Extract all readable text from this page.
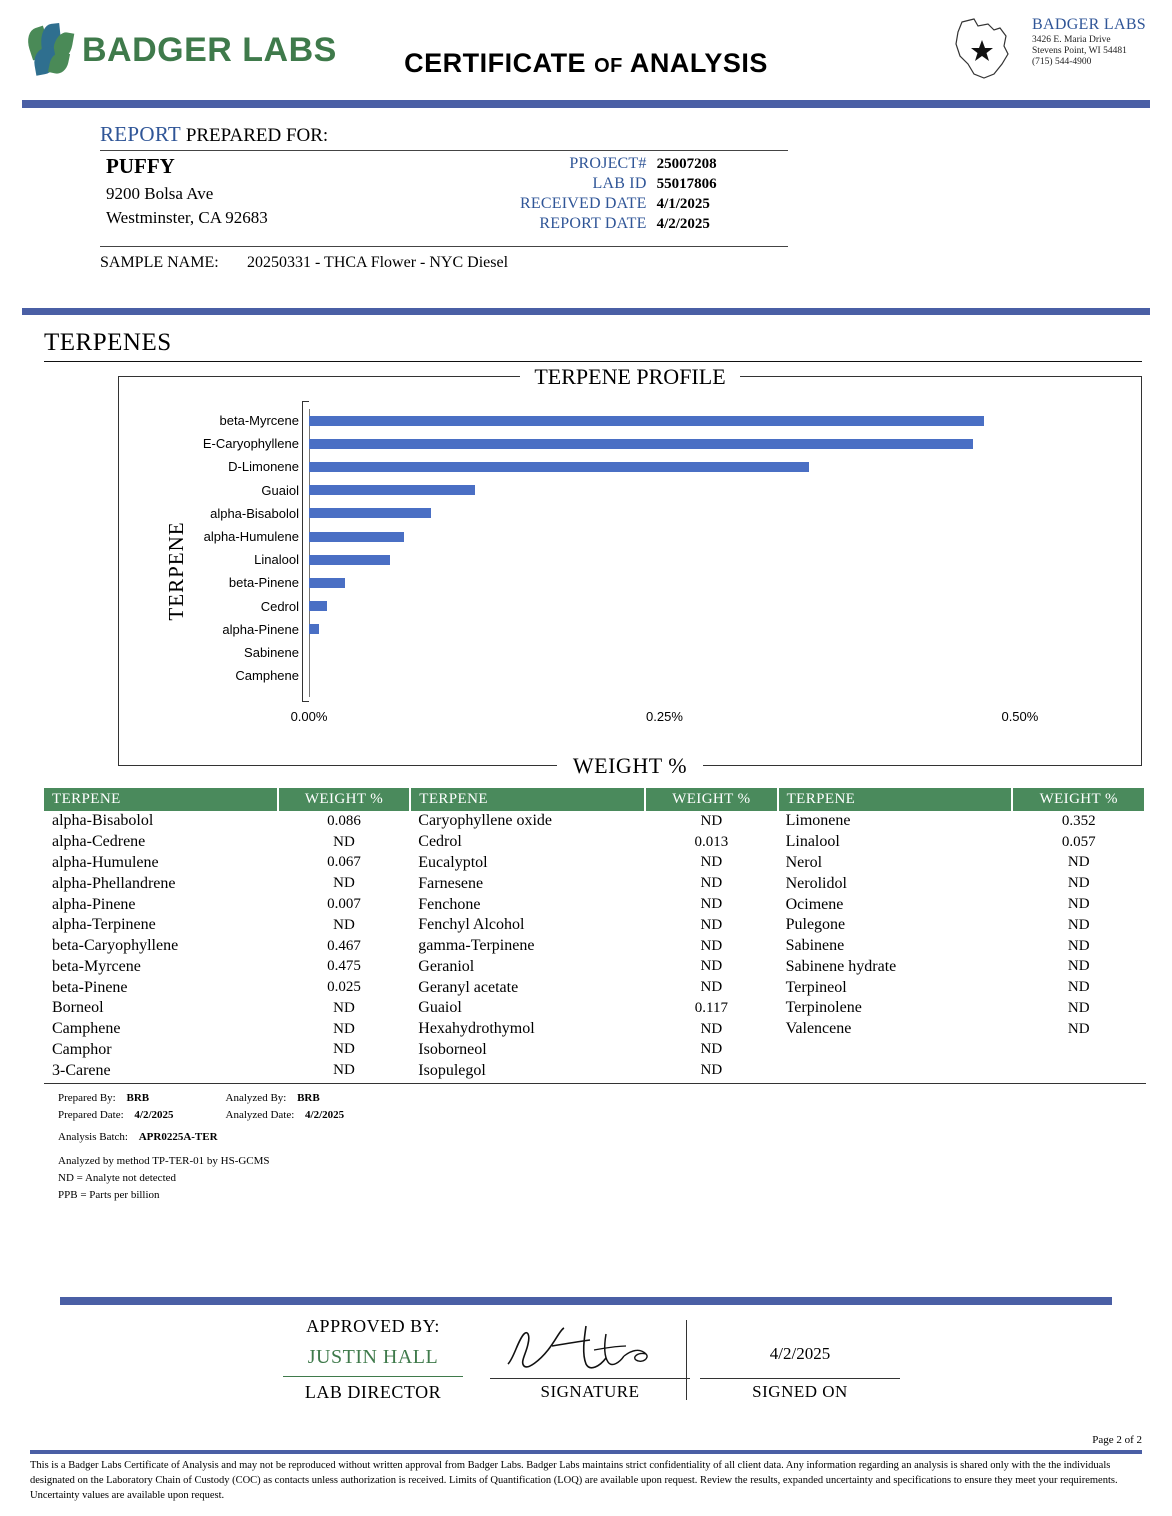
BADGER LABS	CERTIFICATE OF ANALYSIS
BADGER LABS
3426 E. Maria Drive
Stevens Point, WI 54481
(715) 544-4900
REPORT PREPARED FOR:
PUFFY
9200 Bolsa Ave
Westminster, CA 92683
PROJECT#	25007208
LAB ID	55017806
RECEIVED DATE	4/1/2025
REPORT DATE	4/2/2025
SAMPLE NAME: 20250331 - THCA Flower - NYC Diesel
TERPENES
TERPENE PROFILE
TERPENE
beta-Myrcene
E-Caryophyllene
D-Limonene
Guaiol
alpha-Bisabolol
alpha-Humulene
Linalool
beta-Pinene
Cedrol
alpha-Pinene
Sabinene
Camphene
0.00%	0.25%	0.50%
WEIGHT %
TERPENE	WEIGHT %	TERPENE	WEIGHT %	TERPENE	WEIGHT %
alpha-Bisabolol	0.086	Caryophyllene oxide	ND	Limonene	0.352
alpha-Cedrene	ND	Cedrol	0.013	Linalool	0.057
alpha-Humulene	0.067	Eucalyptol	ND	Nerol	ND
alpha-Phellandrene	ND	Farnesene	ND	Nerolidol	ND
alpha-Pinene	0.007	Fenchone	ND	Ocimene	ND
alpha-Terpinene	ND	Fenchyl Alcohol	ND	Pulegone	ND
beta-Caryophyllene	0.467	gamma-Terpinene	ND	Sabinene	ND
beta-Myrcene	0.475	Geraniol	ND	Sabinene hydrate	ND
beta-Pinene	0.025	Geranyl acetate	ND	Terpineol	ND
Borneol	ND	Guaiol	0.117	Terpinolene	ND
Camphene	ND	Hexahydrothymol	ND	Valencene	ND
Camphor	ND	Isoborneol	ND		
3-Carene	ND	Isopulegol	ND		
Prepared By: BRB
Prepared Date: 4/2/2025
Analyzed By: BRB
Analyzed Date: 4/2/2025
Analysis Batch: APR0225A-TER
Analyzed by method TP-TER-01 by HS-GCMS
ND = Analyte not detected
PPB = Parts per billion
APPROVED BY:
JUSTIN HALL
LAB DIRECTOR	SIGNATURE
4/2/2025
SIGNED ON
Page 2 of 2
This is a Badger Labs Certificate of Analysis and may not be reproduced without written approval from Badger Labs. Badger Labs maintains strict confidentiality of all client data. Any information regarding an analysis is shared only with the the individuals designated on the Laboratory Chain of Custody (COC) as contacts unless authorization is received. Limits of Quantification (LOQ) are available upon request. Review the results, expanded uncertainty and specifications to ensure they meet your requirements. Uncertainty values are available upon request.
